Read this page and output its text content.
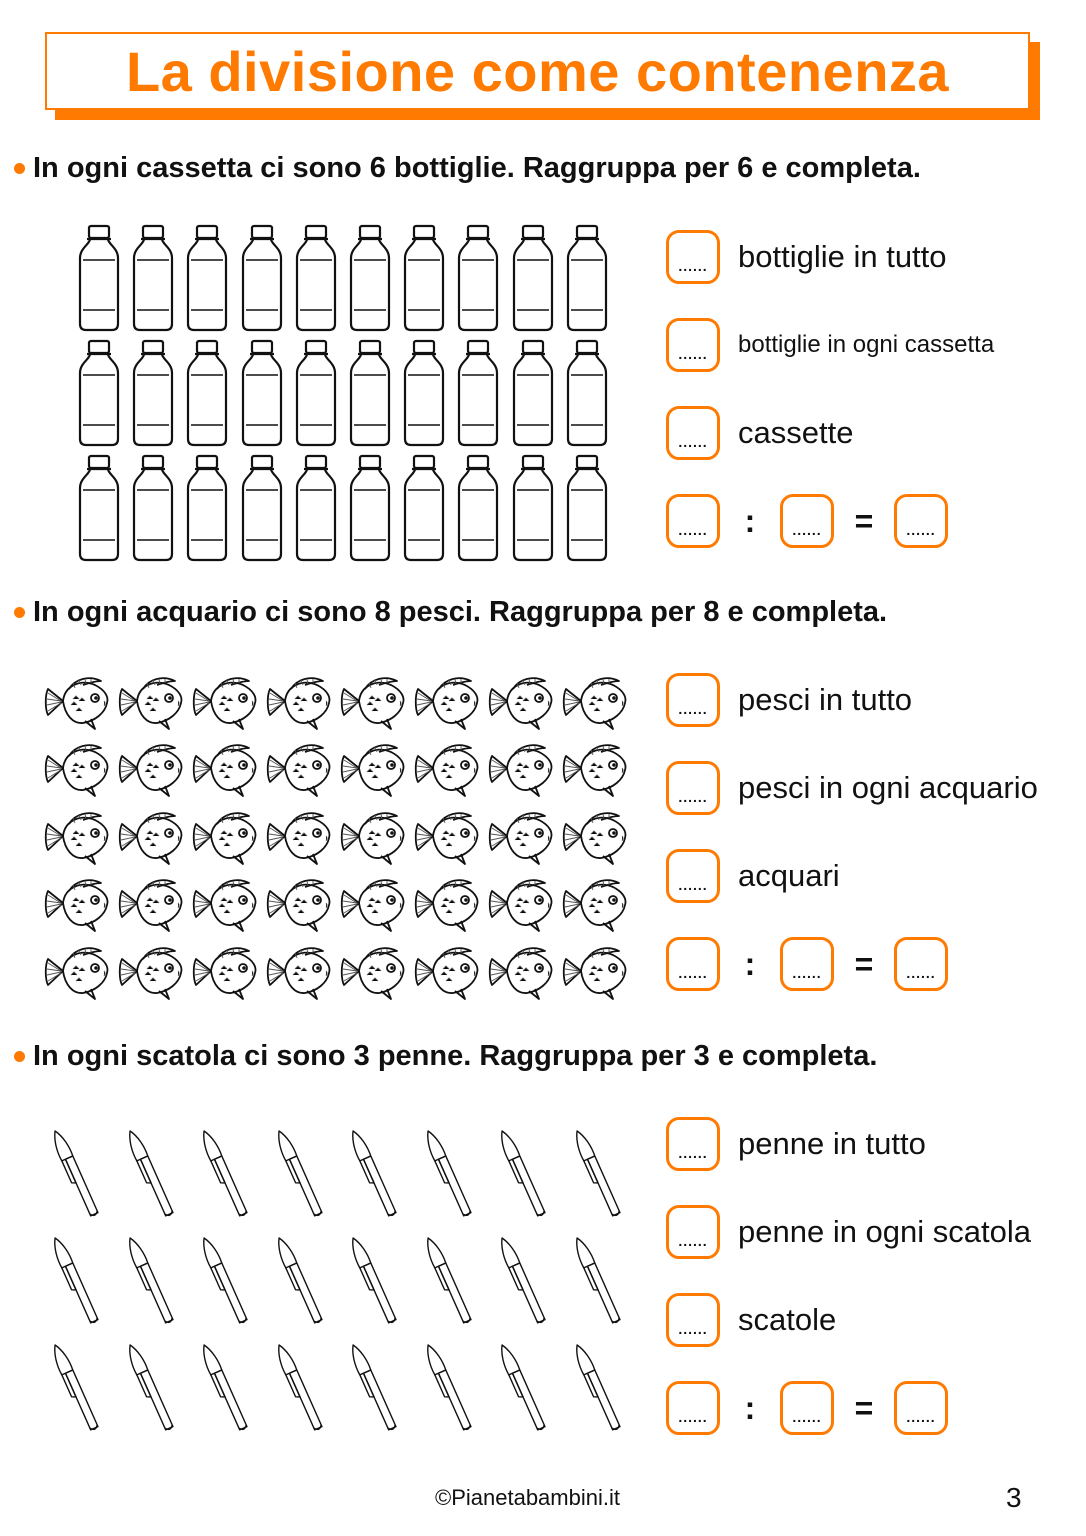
La divisione come contenenza
In ogni cassetta ci sono 6 bottiglie. Raggruppa per 6 e completa.
...... bottiglie in tutto
...... bottiglie in ogni cassetta
...... cassette
......	:	......	=	......
In ogni acquario ci sono 8 pesci. Raggruppa per 8 e completa.
...... pesci in tutto
...... pesci in ogni acquario
...... acquari
......	:	......	=	......
In ogni scatola ci sono 3 penne. Raggruppa per 3 e completa.
...... penne in tutto
...... penne in ogni scatola
...... scatole
......	:	......	=	......
©Pianetabambini.it	3
